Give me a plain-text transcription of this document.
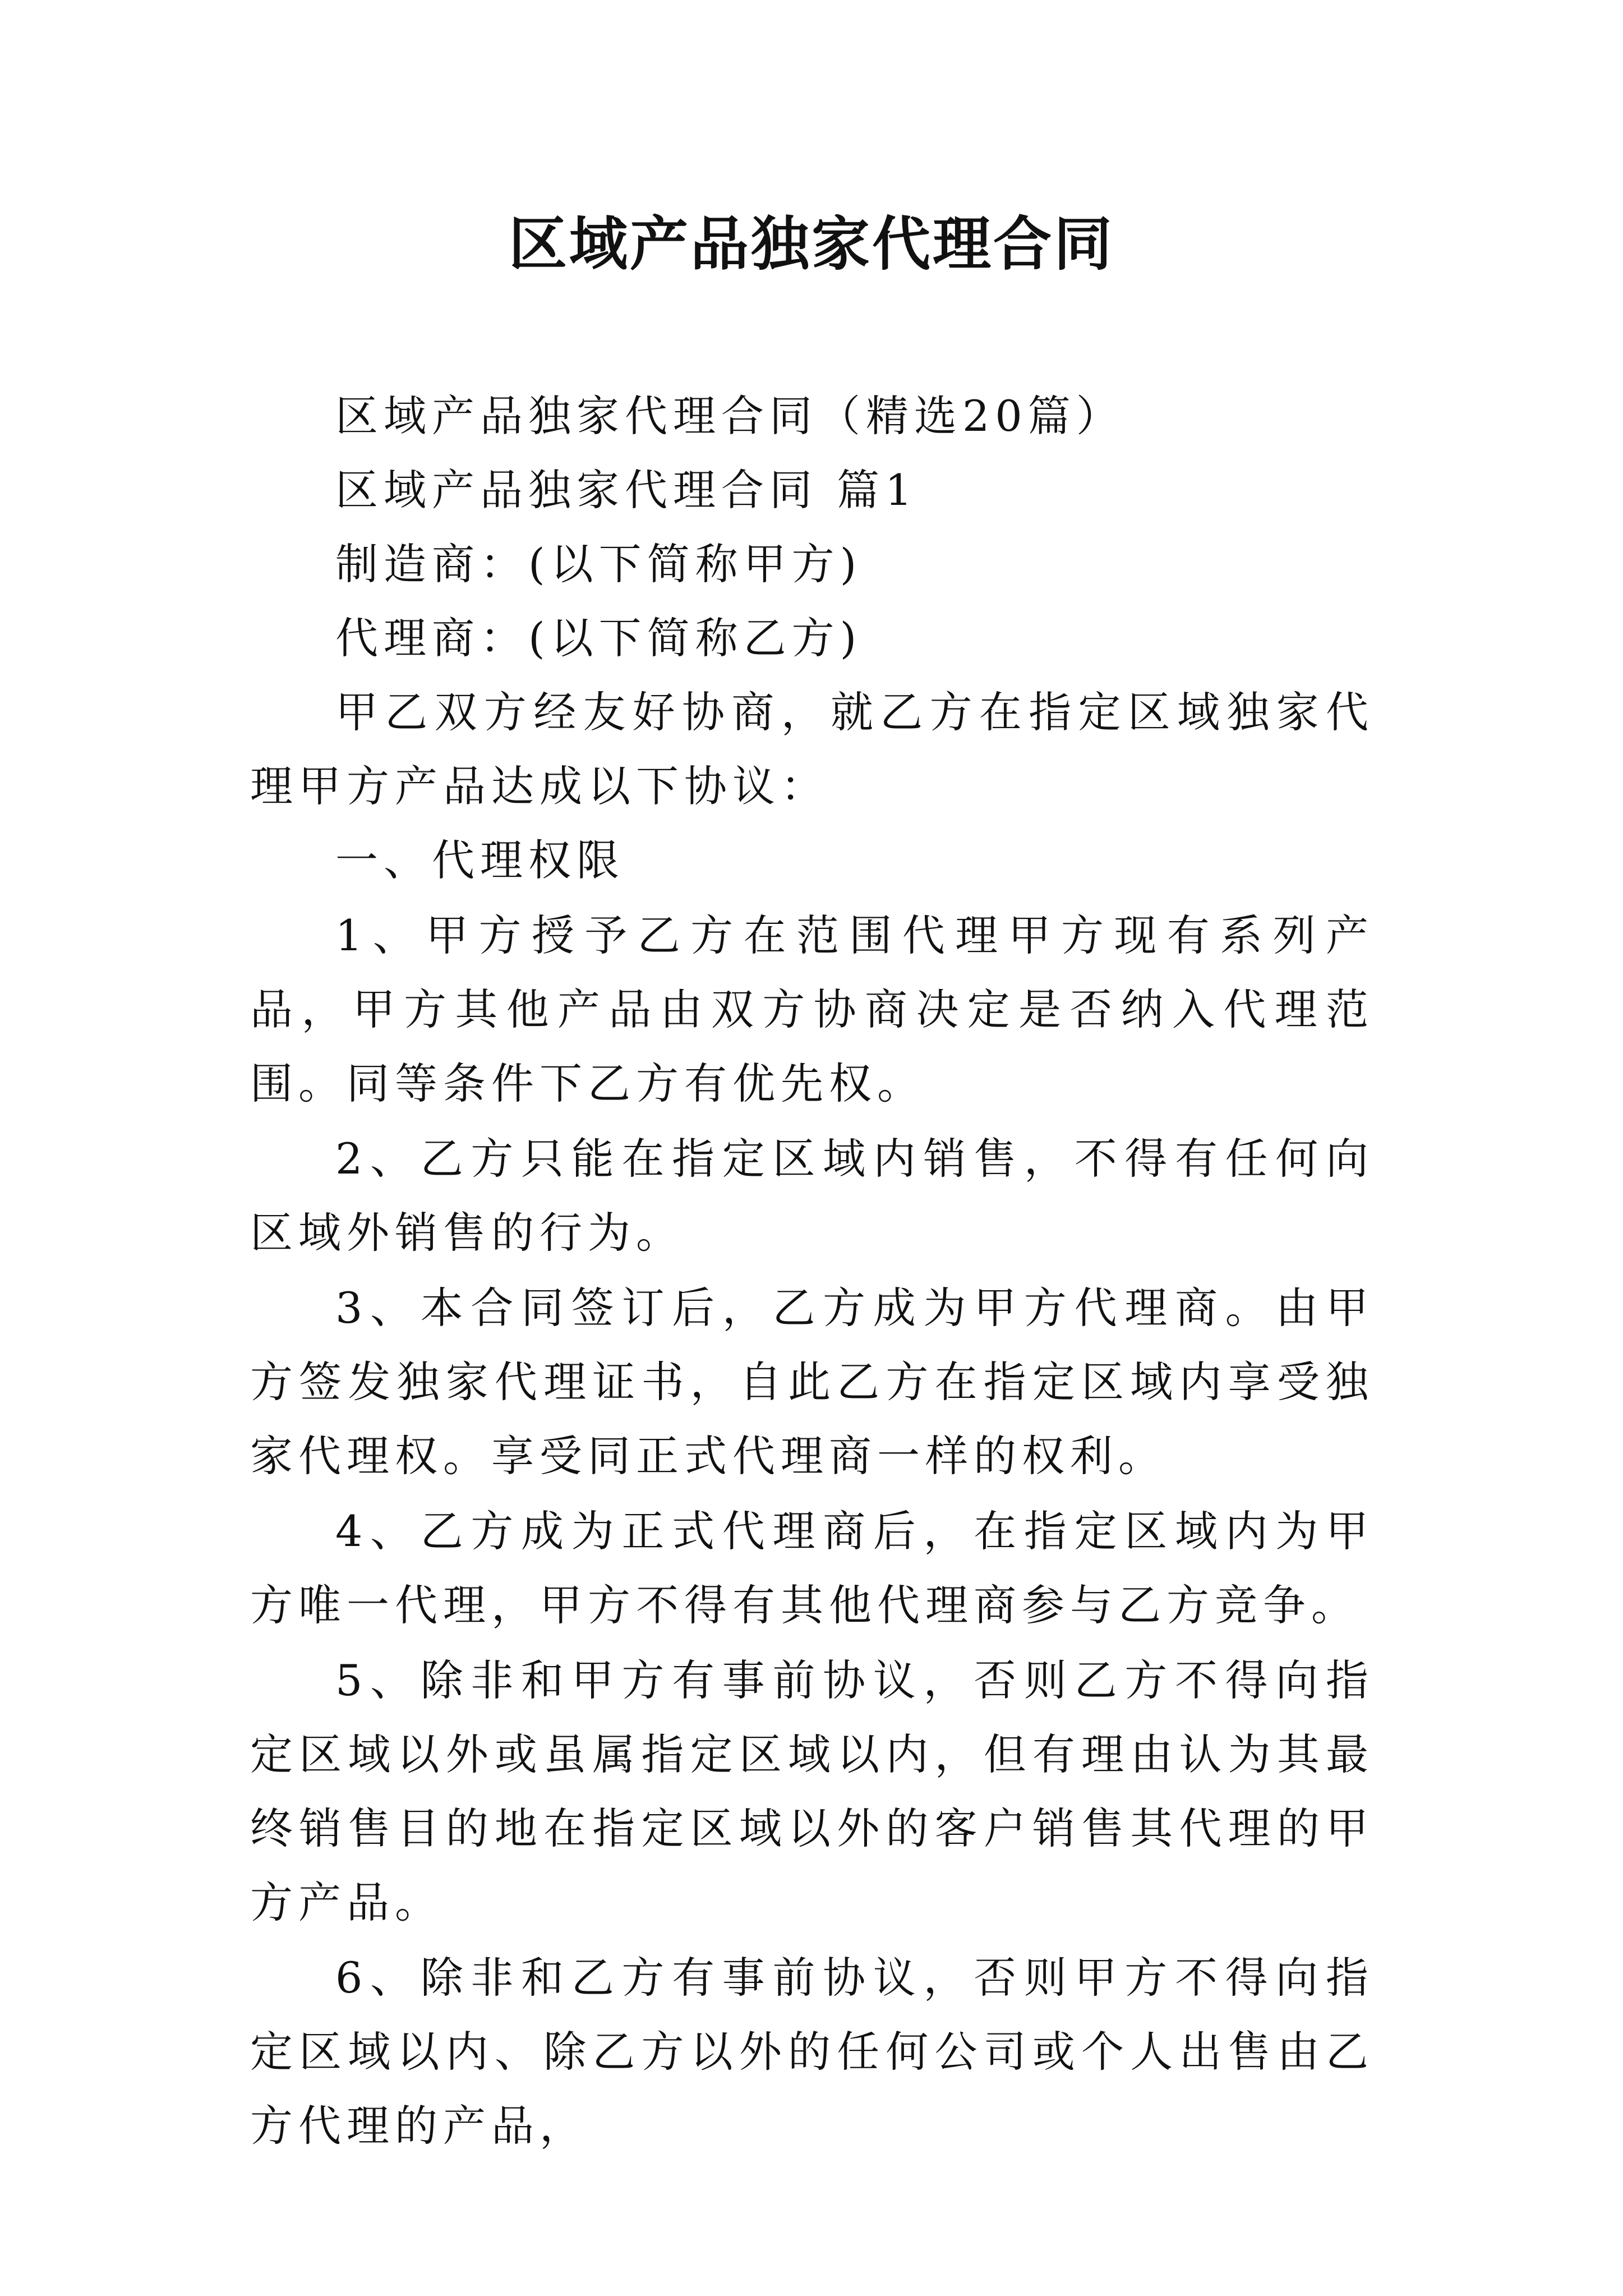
区域产品独家代理合同

区域产品独家代理合同（精选20篇）

区域产品独家代理合同 篇1

制造商：(以下简称甲方)

代理商：(以下简称乙方)

甲乙双方经友好协商，就乙方在指定区域独家代理甲方产品达成以下协议：

一、代理权限

1、甲方授予乙方在范围代理甲方现有系列产品，甲方其他产品由双方协商决定是否纳入代理范围。同等条件下乙方有优先权。

2、乙方只能在指定区域内销售，不得有任何向区域外销售的行为。

3、本合同签订后，乙方成为甲方代理商。由甲方签发独家代理证书，自此乙方在指定区域内享受独家代理权。享受同正式代理商一样的权利。

4、乙方成为正式代理商后，在指定区域内为甲方唯一代理，甲方不得有其他代理商参与乙方竞争。

5、除非和甲方有事前协议，否则乙方不得向指定区域以外或虽属指定区域以内，但有理由认为其最终销售目的地在指定区域以外的客户销售其代理的甲方产品。

6、除非和乙方有事前协议，否则甲方不得向指定区域以内、除乙方以外的任何公司或个人出售由乙方代理的产品，
